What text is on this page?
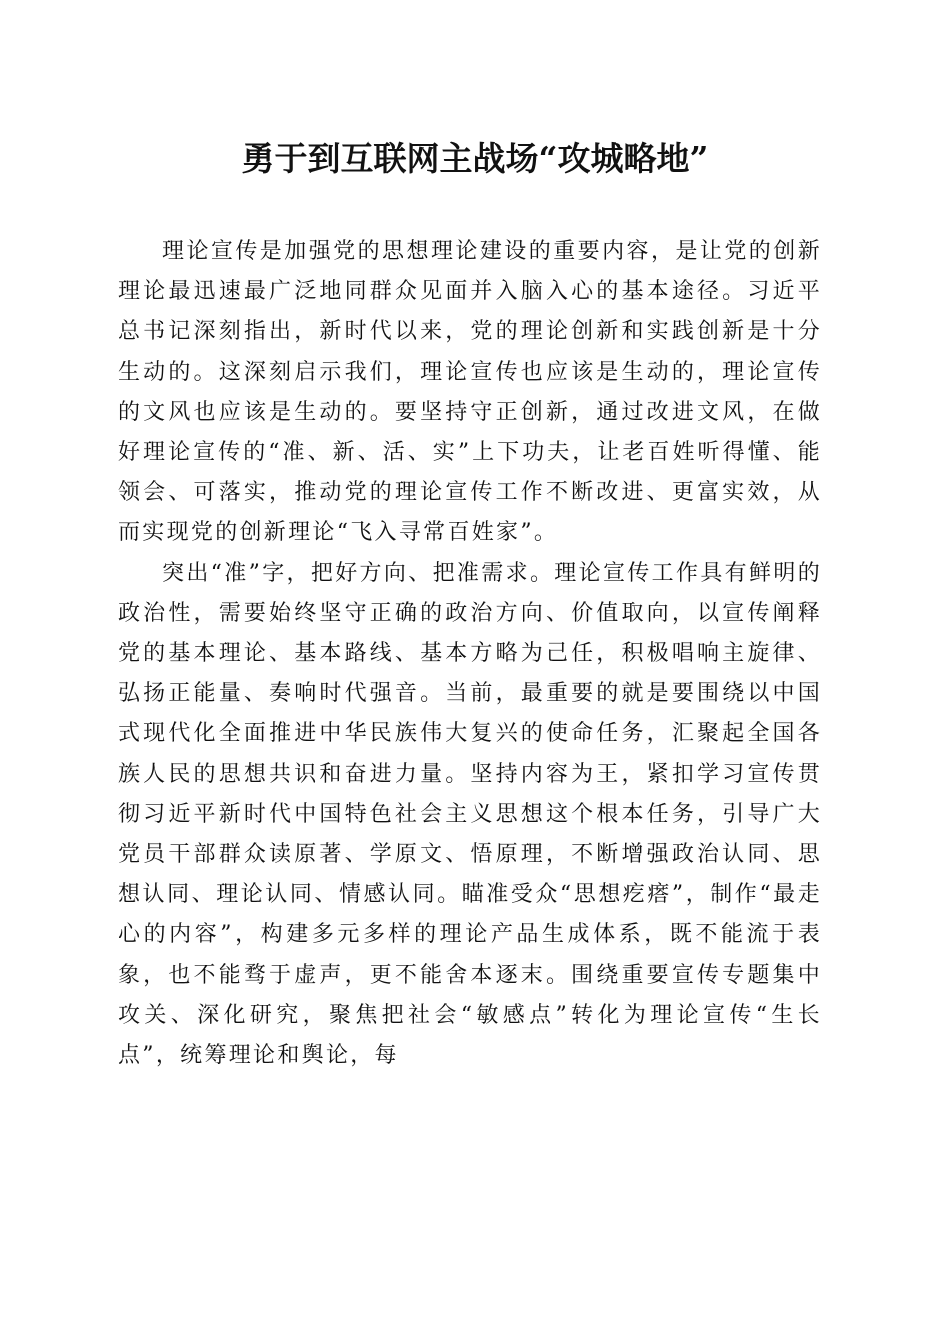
勇于到互联网主战场“攻城略地”

理论宣传是加强党的思想理论建设的重要内容，是让党的创新理论最迅速最广泛地同群众见面并入脑入心的基本途径。习近平总书记深刻指出，新时代以来，党的理论创新和实践创新是十分生动的。这深刻启示我们，理论宣传也应该是生动的，理论宣传的文风也应该是生动的。要坚持守正创新，通过改进文风，在做好理论宣传的“准、新、活、实”上下功夫，让老百姓听得懂、能领会、可落实，推动党的理论宣传工作不断改进、更富实效，从而实现党的创新理论“飞入寻常百姓家”。

突出“准”字，把好方向、把准需求。理论宣传工作具有鲜明的政治性，需要始终坚守正确的政治方向、价值取向，以宣传阐释党的基本理论、基本路线、基本方略为己任，积极唱响主旋律、弘扬正能量、奏响时代强音。当前，最重要的就是要围绕以中国式现代化全面推进中华民族伟大复兴的使命任务，汇聚起全国各族人民的思想共识和奋进力量。坚持内容为王，紧扣学习宣传贯彻习近平新时代中国特色社会主义思想这个根本任务，引导广大党员干部群众读原著、学原文、悟原理，不断增强政治认同、思想认同、理论认同、情感认同。瞄准受众“思想疙瘩”，制作“最走心的内容”，构建多元多样的理论产品生成体系，既不能流于表象，也不能骛于虚声，更不能舍本逐末。围绕重要宣传专题集中攻关、深化研究，聚焦把社会“敏感点”转化为理论宣传“生长点”，统筹理论和舆论，每
